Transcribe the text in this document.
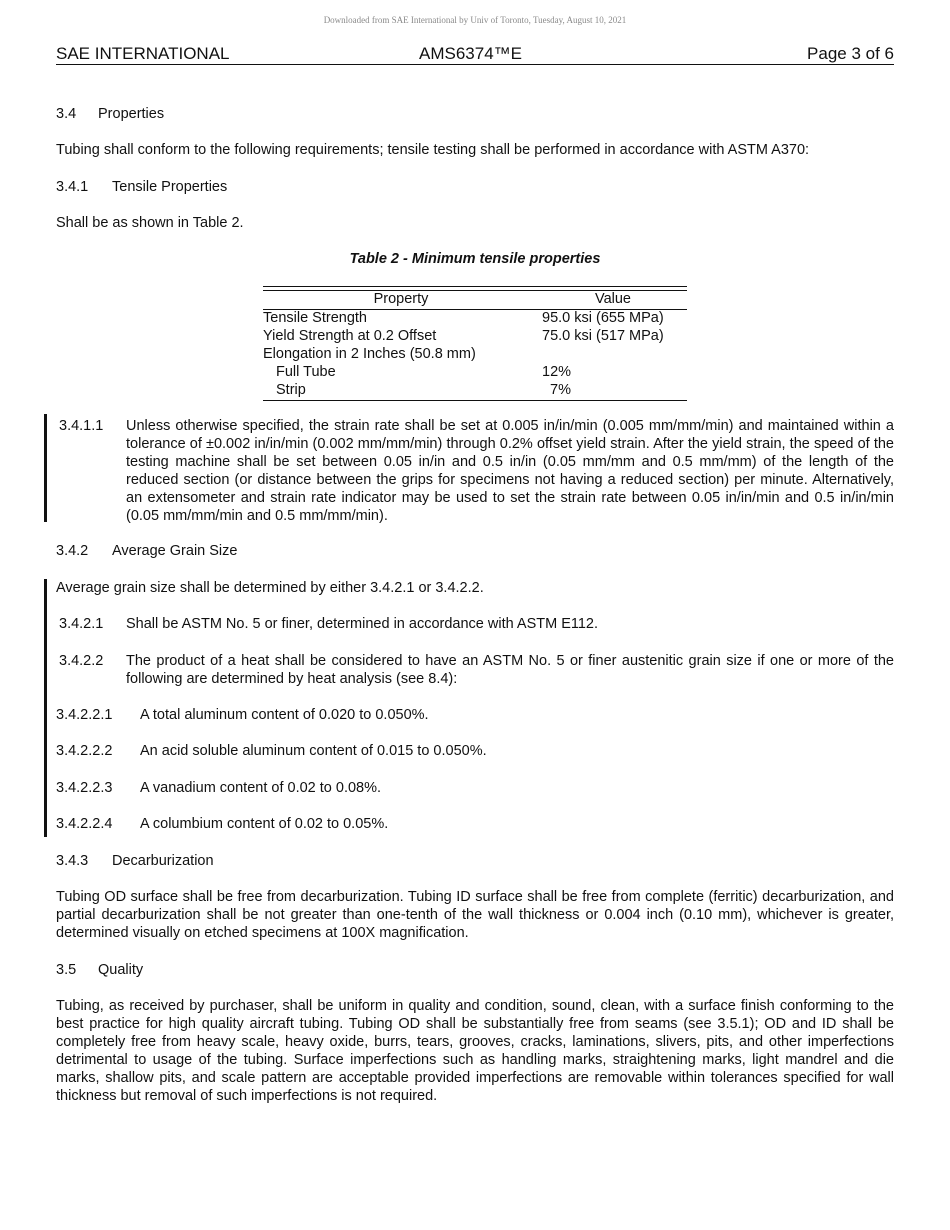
Downloaded from SAE International by Univ of Toronto, Tuesday, August 10, 2021
SAE INTERNATIONAL	AMS6374™E	Page 3 of 6
3.4 Properties
Tubing shall conform to the following requirements; tensile testing shall be performed in accordance with ASTM A370:
3.4.1 Tensile Properties
Shall be as shown in Table 2.
Table 2 - Minimum tensile properties
Property	Value
Tensile Strength	95.0 ksi (655 MPa)
Yield Strength at 0.2 Offset	75.0 ksi (517 MPa)
Elongation in 2 Inches (50.8 mm)
Full Tube	12%
Strip	7%
3.4.1.1 Unless otherwise specified, the strain rate shall be set at 0.005 in/in/min (0.005 mm/mm/min) and maintained within a tolerance of ±0.002 in/in/min (0.002 mm/mm/min) through 0.2% offset yield strain. After the yield strain, the speed of the testing machine shall be set between 0.05 in/in and 0.5 in/in (0.05 mm/mm and 0.5 mm/mm) of the length of the reduced section (or distance between the grips for specimens not having a reduced section) per minute. Alternatively, an extensometer and strain rate indicator may be used to set the strain rate between 0.05 in/in/min and 0.5 in/in/min (0.05 mm/mm/min and 0.5 mm/mm/min).
3.4.2 Average Grain Size
Average grain size shall be determined by either 3.4.2.1 or 3.4.2.2.
3.4.2.1 Shall be ASTM No. 5 or finer, determined in accordance with ASTM E112.
3.4.2.2 The product of a heat shall be considered to have an ASTM No. 5 or finer austenitic grain size if one or more of the following are determined by heat analysis (see 8.4):
3.4.2.2.1 A total aluminum content of 0.020 to 0.050%.
3.4.2.2.2 An acid soluble aluminum content of 0.015 to 0.050%.
3.4.2.2.3 A vanadium content of 0.02 to 0.08%.
3.4.2.2.4 A columbium content of 0.02 to 0.05%.
3.4.3 Decarburization
Tubing OD surface shall be free from decarburization. Tubing ID surface shall be free from complete (ferritic) decarburization, and partial decarburization shall be not greater than one-tenth of the wall thickness or 0.004 inch (0.10 mm), whichever is greater, determined visually on etched specimens at 100X magnification.
3.5 Quality
Tubing, as received by purchaser, shall be uniform in quality and condition, sound, clean, with a surface finish conforming to the best practice for high quality aircraft tubing. Tubing OD shall be substantially free from seams (see 3.5.1); OD and ID shall be completely free from heavy scale, heavy oxide, burrs, tears, grooves, cracks, laminations, slivers, pits, and other imperfections detrimental to usage of the tubing. Surface imperfections such as handling marks, straightening marks, light mandrel and die marks, shallow pits, and scale pattern are acceptable provided imperfections are removable within tolerances specified for wall thickness but removal of such imperfections is not required.
